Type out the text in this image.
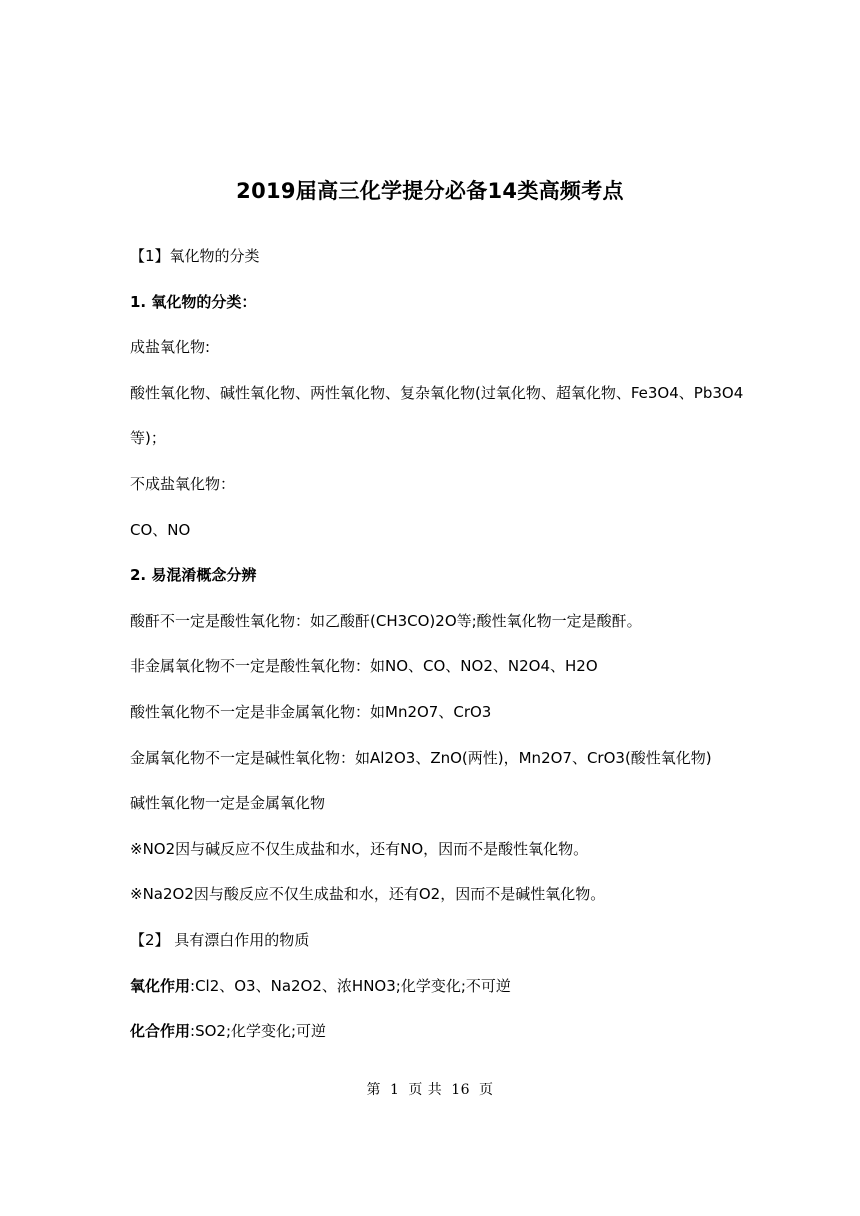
2019届高三化学提分必备14类高频考点
【1】氧化物的分类
1. 氧化物的分类：
成盐氧化物:
酸性氧化物、碱性氧化物、两性氧化物、复杂氧化物(过氧化物、超氧化物、Fe3O4、Pb3O4
等)；
不成盐氧化物：
CO、NO
2. 易混淆概念分辨
酸酐不一定是酸性氧化物：如乙酸酐(CH3CO)2O等;酸性氧化物一定是酸酐。
非金属氧化物不一定是酸性氧化物：如NO、CO、NO2、N2O4、H2O
酸性氧化物不一定是非金属氧化物：如Mn2O7、CrO3
金属氧化物不一定是碱性氧化物：如Al2O3、ZnO(两性)，Mn2O7、CrO3(酸性氧化物)
碱性氧化物一定是金属氧化物
※NO2因与碱反应不仅生成盐和水，还有NO，因而不是酸性氧化物。
※Na2O2因与酸反应不仅生成盐和水，还有O2，因而不是碱性氧化物。
【2】 具有漂白作用的物质
氧化作用:Cl2、O3、Na2O2、浓HNO3;化学变化;不可逆
化合作用:SO2;化学变化;可逆
第 1 页 共 16 页
